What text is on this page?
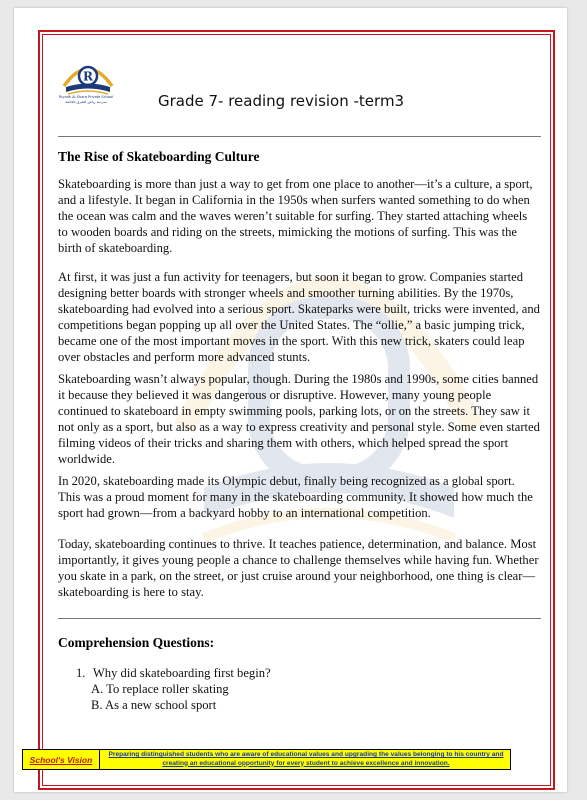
R
Riyadh Al-Sharq Private School
مدرسة رياض الشرق الخاصة	Grade 7- reading revision -term3
The Rise of Skateboarding Culture

Skateboarding is more than just a way to get from one place to another—it’s a culture, a sport, and a lifestyle. It began in California in the 1950s when surfers wanted something to do when the ocean was calm and the waves weren’t suitable for surfing. They started attaching wheels to wooden boards and riding on the streets, mimicking the motions of surfing. This was the birth of skateboarding.

At first, it was just a fun activity for teenagers, but soon it began to grow. Companies started designing better boards with stronger wheels and smoother turning abilities. By the 1970s, skateboarding had evolved into a serious sport. Skateparks were built, tricks were invented, and competitions began popping up all over the United States. The “ollie,” a basic jumping trick, became one of the most important moves in the sport. With this new trick, skaters could leap over obstacles and perform more advanced stunts.

Skateboarding wasn’t always popular, though. During the 1980s and 1990s, some cities banned it because they believed it was dangerous or disruptive. However, many young people continued to skateboard in empty swimming pools, parking lots, or on the streets. They saw it not only as a sport, but also as a way to express creativity and personal style. Some even started filming videos of their tricks and sharing them with others, which helped spread the sport worldwide.

In 2020, skateboarding made its Olympic debut, finally being recognized as a global sport. This was a proud moment for many in the skateboarding community. It showed how much the sport had grown—from a backyard hobby to an international competition.

Today, skateboarding continues to thrive. It teaches patience, determination, and balance. Most importantly, it gives young people a chance to challenge themselves while having fun. Whether you skate in a park, on the street, or just cruise around your neighborhood, one thing is clear—skateboarding is here to stay.

Comprehension Questions:
1. Why did skateboarding first begin?
A. To replace roller skating
B. As a new school sport
School's Vision	Preparing distinguished students who are aware of educational values and upgrading the values belonging to his country and creating an educational opportunity for every student to achieve excellence and innovation.
